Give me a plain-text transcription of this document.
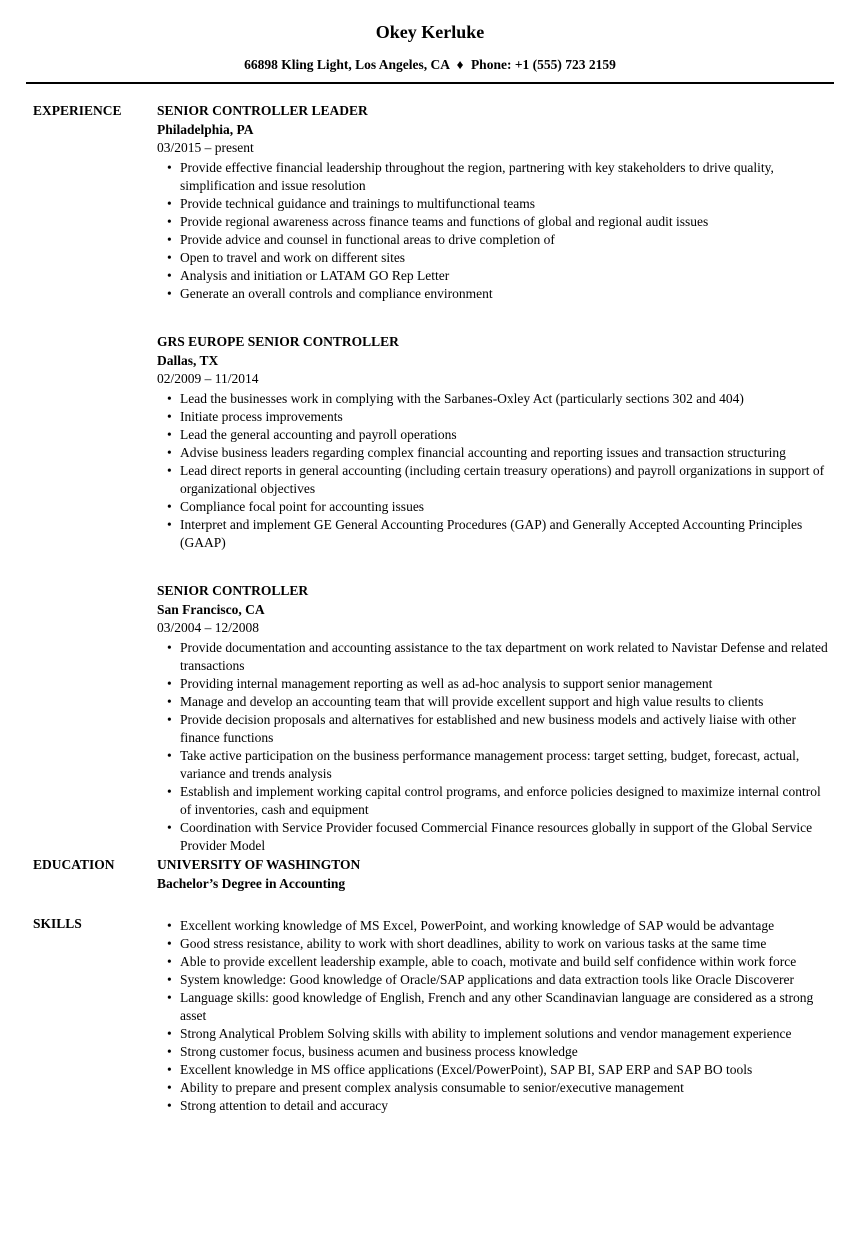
Okey Kerluke
66898 Kling Light, Los Angeles, CA ♦ Phone: +1 (555) 723 2159
EXPERIENCE	SENIOR CONTROLLER LEADER
Philadelphia, PA
03/2015 – present
• Provide effective financial leadership throughout the region, partnering with key stakeholders to drive quality, simplification and issue resolution
• Provide technical guidance and trainings to multifunctional teams
• Provide regional awareness across finance teams and functions of global and regional audit issues
• Provide advice and counsel in functional areas to drive completion of
• Open to travel and work on different sites
• Analysis and initiation or LATAM GO Rep Letter
• Generate an overall controls and compliance environment
GRS EUROPE SENIOR CONTROLLER
Dallas, TX
02/2009 – 11/2014
• Lead the businesses work in complying with the Sarbanes-Oxley Act (particularly sections 302 and 404)
• Initiate process improvements
• Lead the general accounting and payroll operations
• Advise business leaders regarding complex financial accounting and reporting issues and transaction structuring
• Lead direct reports in general accounting (including certain treasury operations) and payroll organizations in support of organizational objectives
• Compliance focal point for accounting issues
• Interpret and implement GE General Accounting Procedures (GAP) and Generally Accepted Accounting Principles (GAAP)
SENIOR CONTROLLER
San Francisco, CA
03/2004 – 12/2008
• Provide documentation and accounting assistance to the tax department on work related to Navistar Defense and related transactions
• Providing internal management reporting as well as ad-hoc analysis to support senior management
• Manage and develop an accounting team that will provide excellent support and high value results to clients
• Provide decision proposals and alternatives for established and new business models and actively liaise with other finance functions
• Take active participation on the business performance management process: target setting, budget, forecast, actual, variance and trends analysis
• Establish and implement working capital control programs, and enforce policies designed to maximize internal control of inventories, cash and equipment
• Coordination with Service Provider focused Commercial Finance resources globally in support of the Global Service Provider Model
EDUCATION	UNIVERSITY OF WASHINGTON
Bachelor’s Degree in Accounting
SKILLS	• Excellent working knowledge of MS Excel, PowerPoint, and working knowledge of SAP would be advantage
• Good stress resistance, ability to work with short deadlines, ability to work on various tasks at the same time
• Able to provide excellent leadership example, able to coach, motivate and build self confidence within work force
• System knowledge: Good knowledge of Oracle/SAP applications and data extraction tools like Oracle Discoverer
• Language skills: good knowledge of English, French and any other Scandinavian language are considered as a strong asset
• Strong Analytical Problem Solving skills with ability to implement solutions and vendor management experience
• Strong customer focus, business acumen and business process knowledge
• Excellent knowledge in MS office applications (Excel/PowerPoint), SAP BI, SAP ERP and SAP BO tools
• Ability to prepare and present complex analysis consumable to senior/executive management
• Strong attention to detail and accuracy
